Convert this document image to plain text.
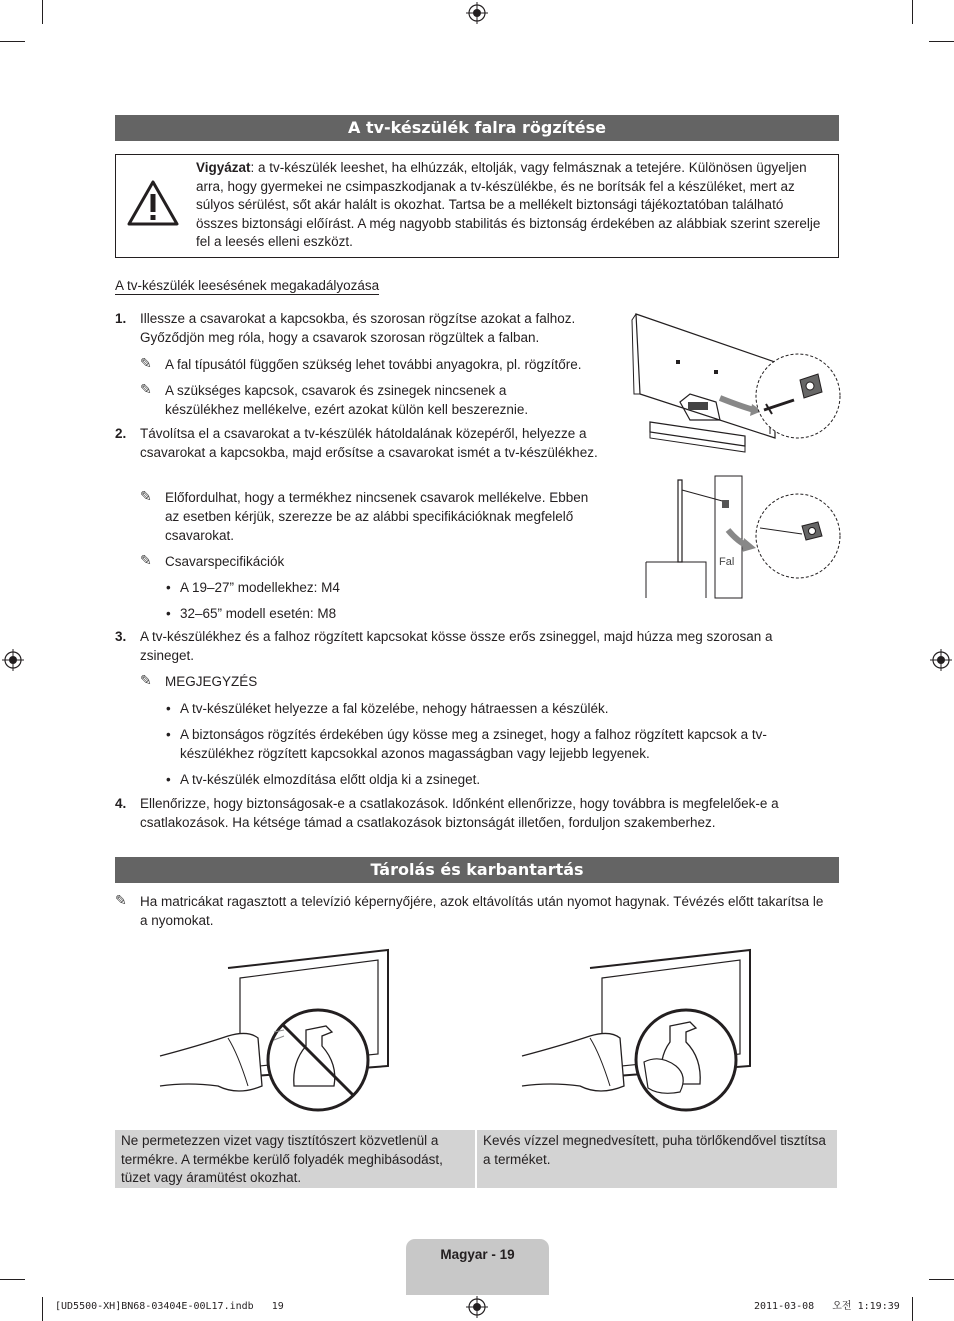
A tv-készülék falra rögzítése
Vigyázat: a tv-készülék leeshet, ha elhúzzák, eltolják, vagy felmásznak a tetejére. Különösen ügyeljen arra, hogy gyermekei ne csimpaszkodjanak a tv-készülékbe, és ne borítsák fel a készüléket, mert az súlyos sérülést, sőt akár halált is okozhat. Tartsa be a mellékelt biztonsági tájékoztatóban található összes biztonsági előírást. A még nagyobb stabilitás és biztonság érdekében az alábbiak szerint szerelje fel a leesés elleni eszközt.
A tv-készülék leesésének megakadályozása
1. Illessze a csavarokat a kapcsokba, és szorosan rögzítse azokat a falhoz. Győződjön meg róla, hogy a csavarok szorosan rögzültek a falban.
✎ A fal típusától függően szükség lehet további anyagokra, pl. rögzítőre.
✎ A szükséges kapcsok, csavarok és zsinegek nincsenek a készülékhez mellékelve, ezért azokat külön kell beszereznie.
2. Távolítsa el a csavarokat a tv-készülék hátoldalának közepéről, helyezze a csavarokat a kapcsokba, majd erősítse a csavarokat ismét a tv-készülékhez.
✎ Előfordulhat, hogy a termékhez nincsenek csavarok mellékelve. Ebben az esetben kérjük, szerezze be az alábbi specifikációknak megfelelő csavarokat.
✎ Csavarspecifikációk
• A 19–27” modellekhez: M4
• 32–65” modell esetén: M8
3. A tv-készülékhez és a falhoz rögzített kapcsokat kösse össze erős zsineggel, majd húzza meg szorosan a zsineget.
✎ MEGJEGYZÉS
• A tv-készüléket helyezze a fal közelébe, nehogy hátraessen a készülék.
• A biztonságos rögzítés érdekében úgy kösse meg a zsineget, hogy a falhoz rögzített kapcsok a tv-készülékhez rögzített kapcsokkal azonos magasságban vagy lejjebb legyenek.
• A tv-készülék elmozdítása előtt oldja ki a zsineget.
4. Ellenőrizze, hogy biztonságosak-e a csatlakozások. Időnként ellenőrizze, hogy továbbra is megfelelőek-e a csatlakozások. Ha kétsége támad a csatlakozások biztonságát illetően, forduljon szakemberhez.
Fal
Tárolás és karbantartás
✎ Ha matricákat ragasztott a televízió képernyőjére, azok eltávolítás után nyomot hagynak. Tévézés előtt takarítsa le a nyomokat.
Ne permetezzen vizet vagy tisztítószert közvetlenül a termékre. A termékbe kerülő folyadék meghibásodást, tüzet vagy áramütést okozhat.
Kevés vízzel megnedvesített, puha törlőkendővel tisztítsa a terméket.
Magyar - 19
[UD5500-XH]BN68-03404E-00L17.indb   19	2011-03-08   오전 1:19:39
